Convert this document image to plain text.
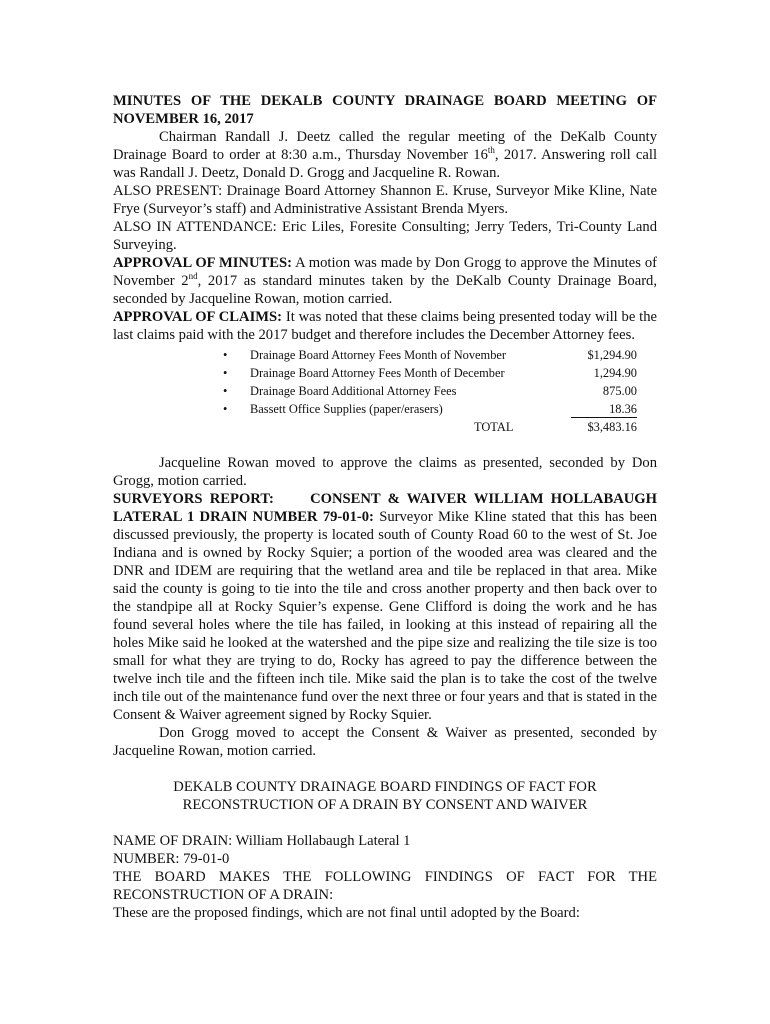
MINUTES OF THE DEKALB COUNTY DRAINAGE BOARD MEETING OF NOVEMBER 16, 2017

Chairman Randall J. Deetz called the regular meeting of the DeKalb County Drainage Board to order at 8:30 a.m., Thursday November 16th, 2017. Answering roll call was Randall J. Deetz, Donald D. Grogg and Jacqueline R. Rowan.

ALSO PRESENT: Drainage Board Attorney Shannon E. Kruse, Surveyor Mike Kline, Nate Frye (Surveyor’s staff) and Administrative Assistant Brenda Myers.

ALSO IN ATTENDANCE: Eric Liles, Foresite Consulting; Jerry Teders, Tri-County Land Surveying.

APPROVAL OF MINUTES: A motion was made by Don Grogg to approve the Minutes of November 2nd, 2017 as standard minutes taken by the DeKalb County Drainage Board, seconded by Jacqueline Rowan, motion carried.

APPROVAL OF CLAIMS: It was noted that these claims being presented today will be the last claims paid with the 2017 budget and therefore includes the December Attorney fees.

• Drainage Board Attorney Fees Month of November	$1,294.90
• Drainage Board Attorney Fees Month of December	1,294.90
• Drainage Board Additional Attorney Fees	875.00
• Bassett Office Supplies (paper/erasers)	18.36
TOTAL	$3,483.16

Jacqueline Rowan moved to approve the claims as presented, seconded by Don Grogg, motion carried.

SURVEYORS REPORT: CONSENT & WAIVER WILLIAM HOLLABAUGH LATERAL 1 DRAIN NUMBER 79-01-0: Surveyor Mike Kline stated that this has been discussed previously, the property is located south of County Road 60 to the west of St. Joe Indiana and is owned by Rocky Squier; a portion of the wooded area was cleared and the DNR and IDEM are requiring that the wetland area and tile be replaced in that area. Mike said the county is going to tie into the tile and cross another property and then back over to the standpipe all at Rocky Squier’s expense. Gene Clifford is doing the work and he has found several holes where the tile has failed, in looking at this instead of repairing all the holes Mike said he looked at the watershed and the pipe size and realizing the tile size is too small for what they are trying to do, Rocky has agreed to pay the difference between the twelve inch tile and the fifteen inch tile. Mike said the plan is to take the cost of the twelve inch tile out of the maintenance fund over the next three or four years and that is stated in the Consent & Waiver agreement signed by Rocky Squier.

Don Grogg moved to accept the Consent & Waiver as presented, seconded by Jacqueline Rowan, motion carried.

DEKALB COUNTY DRAINAGE BOARD FINDINGS OF FACT FOR

RECONSTRUCTION OF A DRAIN BY CONSENT AND WAIVER

NAME OF DRAIN: William Hollabaugh Lateral 1

NUMBER: 79-01-0

THE BOARD MAKES THE FOLLOWING FINDINGS OF FACT FOR THE RECONSTRUCTION OF A DRAIN:

These are the proposed findings, which are not final until adopted by the Board:
